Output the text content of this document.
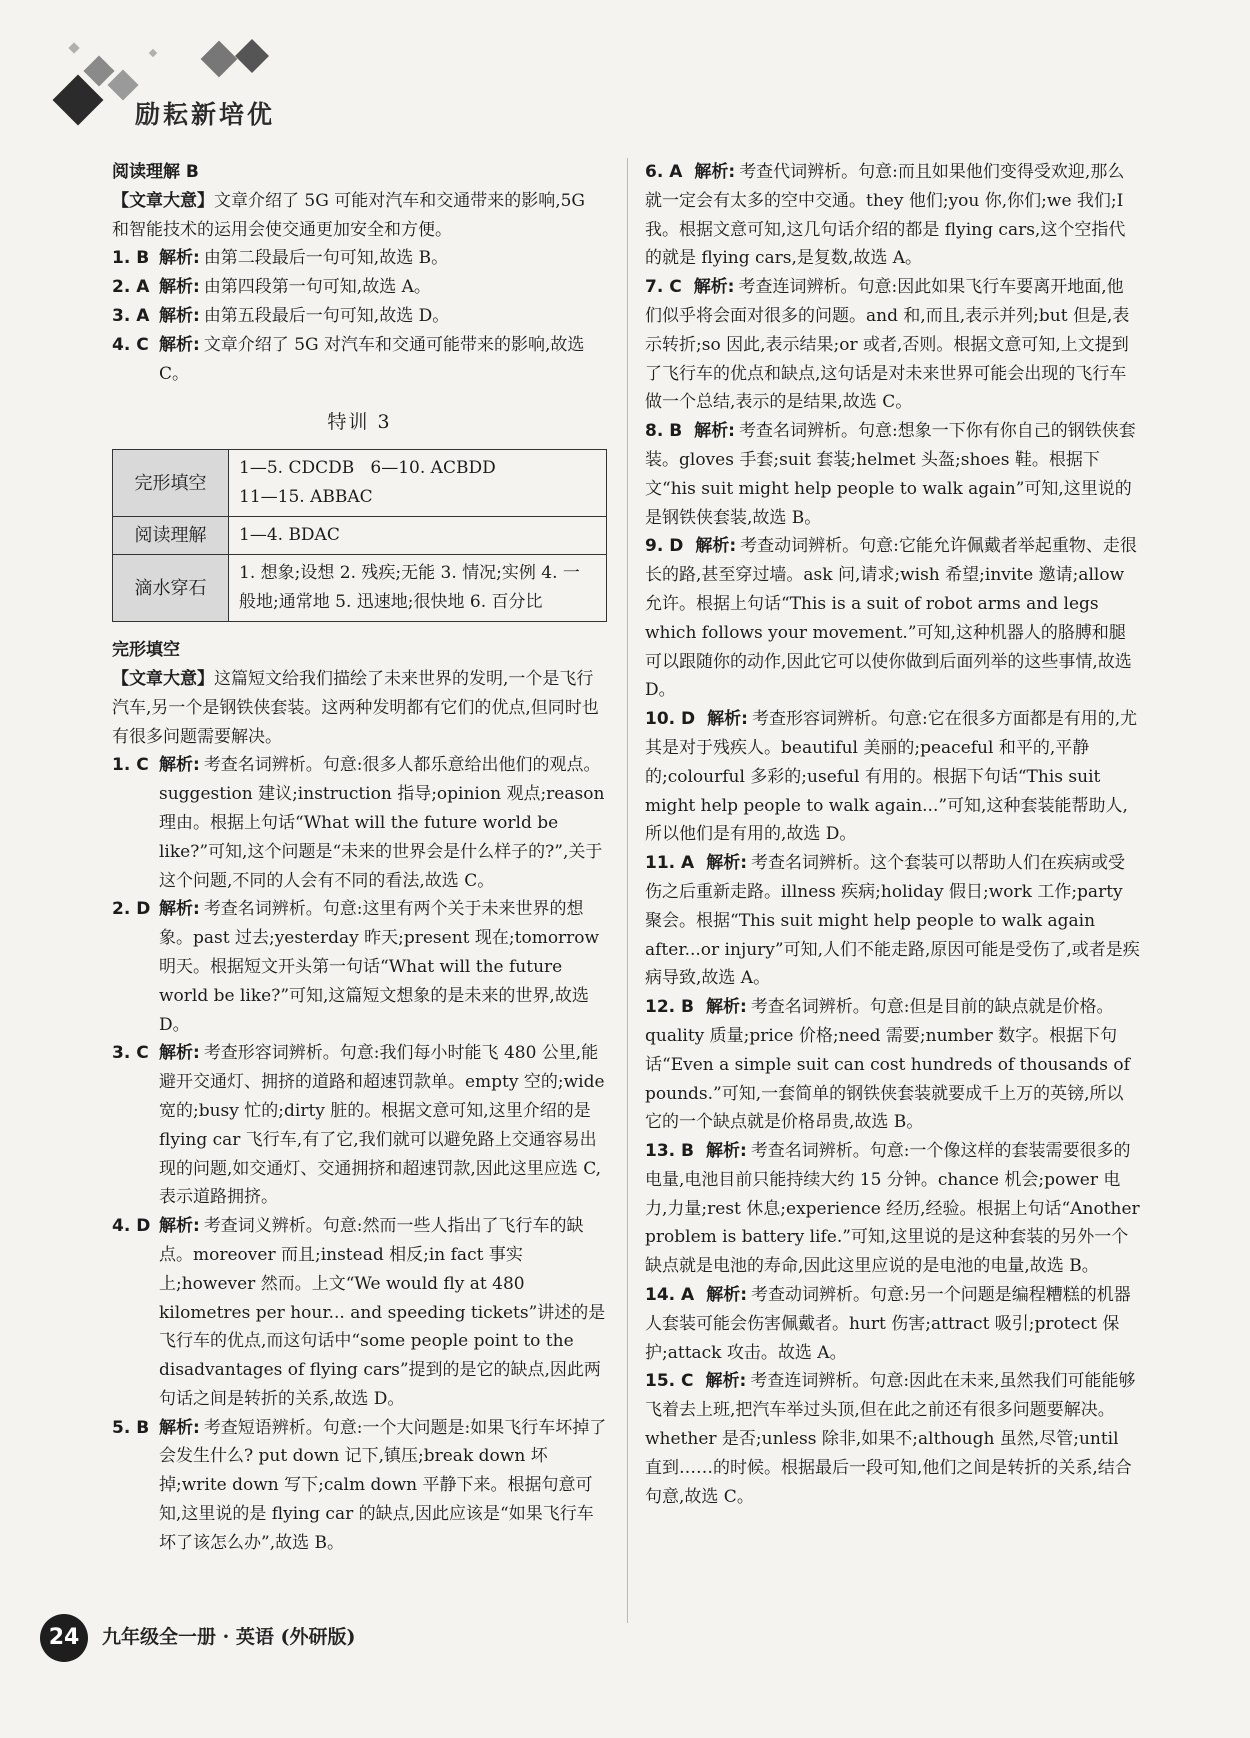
励耘新培优

阅读理解 B

【文章大意】文章介绍了 5G 可能对汽车和交通带来的影响,5G 和智能技术的运用会使交通更加安全和方便。

1. B 解析: 由第二段最后一句可知,故选 B。
2. A 解析: 由第四段第一句可知,故选 A。
3. A 解析: 由第五段最后一句可知,故选 D。
4. C 解析: 文章介绍了 5G 对汽车和交通可能带来的影响,故选 C。

特训 3

完形填空	1—5. CDCDB   6—10. ACBDD
11—15. ABBAC

阅读理解	1—4. BDAC
滴水穿石	1. 想象;设想 2. 残疾;无能 3. 情况;实例 4. 一般地;通常地 5. 迅速地;很快地 6. 百分比

完形填空

【文章大意】这篇短文给我们描绘了未来世界的发明,一个是飞行汽车,另一个是钢铁侠套装。这两种发明都有它们的优点,但同时也有很多问题需要解决。

1. C 解析: 考查名词辨析。句意:很多人都乐意给出他们的观点。suggestion 建议;instruction 指导;opinion 观点;reason 理由。根据上句话“What will the future world be like?”可知,这个问题是“未来的世界会是什么样子的?”,关于这个问题,不同的人会有不同的看法,故选 C。
2. D 解析: 考查名词辨析。句意:这里有两个关于未来世界的想象。past 过去;yesterday 昨天;present 现在;tomorrow 明天。根据短文开头第一句话“What will the future world be like?”可知,这篇短文想象的是未来的世界,故选 D。
3. C 解析: 考查形容词辨析。句意:我们每小时能飞 480 公里,能避开交通灯、拥挤的道路和超速罚款单。empty 空的;wide 宽的;busy 忙的;dirty 脏的。根据文意可知,这里介绍的是 flying car 飞行车,有了它,我们就可以避免路上交通容易出现的问题,如交通灯、交通拥挤和超速罚款,因此这里应选 C,表示道路拥挤。
4. D 解析: 考查词义辨析。句意:然而一些人指出了飞行车的缺点。moreover 而且;instead 相反;in fact 事实上;however 然而。上文“We would fly at 480 kilometres per hour... and speeding tickets”讲述的是飞行车的优点,而这句话中“some people point to the disadvantages of flying cars”提到的是它的缺点,因此两句话之间是转折的关系,故选 D。
5. B 解析: 考查短语辨析。句意:一个大问题是:如果飞行车坏掉了会发生什么? put down 记下,镇压;break down 坏掉;write down 写下;calm down 平静下来。根据句意可知,这里说的是 flying car 的缺点,因此应该是“如果飞行车坏了该怎么办”,故选 B。
6. A 解析: 考查代词辨析。句意:而且如果他们变得受欢迎,那么就一定会有太多的空中交通。they 他们;you 你,你们;we 我们;I 我。根据文意可知,这几句话介绍的都是 flying cars,这个空指代的就是 flying cars,是复数,故选 A。
7. C 解析: 考查连词辨析。句意:因此如果飞行车要离开地面,他们似乎将会面对很多的问题。and 和,而且,表示并列;but 但是,表示转折;so 因此,表示结果;or 或者,否则。根据文意可知,上文提到了飞行车的优点和缺点,这句话是对未来世界可能会出现的飞行车做一个总结,表示的是结果,故选 C。
8. B 解析: 考查名词辨析。句意:想象一下你有你自己的钢铁侠套装。gloves 手套;suit 套装;helmet 头盔;shoes 鞋。根据下文“his suit might help people to walk again”可知,这里说的是钢铁侠套装,故选 B。
9. D 解析: 考查动词辨析。句意:它能允许佩戴者举起重物、走很长的路,甚至穿过墙。ask 问,请求;wish 希望;invite 邀请;allow 允许。根据上句话“This is a suit of robot arms and legs which follows your movement.”可知,这种机器人的胳膊和腿可以跟随你的动作,因此它可以使你做到后面列举的这些事情,故选 D。
10. D 解析: 考查形容词辨析。句意:它在很多方面都是有用的,尤其是对于残疾人。beautiful 美丽的;peaceful 和平的,平静的;colourful 多彩的;useful 有用的。根据下句话“This suit might help people to walk again...”可知,这种套装能帮助人,所以他们是有用的,故选 D。
11. A 解析: 考查名词辨析。这个套装可以帮助人们在疾病或受伤之后重新走路。illness 疾病;holiday 假日;work 工作;party 聚会。根据“This suit might help people to walk again after...or injury”可知,人们不能走路,原因可能是受伤了,或者是疾病导致,故选 A。
12. B 解析: 考查名词辨析。句意:但是目前的缺点就是价格。quality 质量;price 价格;need 需要;number 数字。根据下句话“Even a simple suit can cost hundreds of thousands of pounds.”可知,一套简单的钢铁侠套装就要成千上万的英镑,所以它的一个缺点就是价格昂贵,故选 B。
13. B 解析: 考查名词辨析。句意:一个像这样的套装需要很多的电量,电池目前只能持续大约 15 分钟。chance 机会;power 电力,力量;rest 休息;experience 经历,经验。根据上句话“Another problem is battery life.”可知,这里说的是这种套装的另外一个缺点就是电池的寿命,因此这里应说的是电池的电量,故选 B。
14. A 解析: 考查动词辨析。句意:另一个问题是编程糟糕的机器人套装可能会伤害佩戴者。hurt 伤害;attract 吸引;protect 保护;attack 攻击。故选 A。
15. C 解析: 考查连词辨析。句意:因此在未来,虽然我们可能能够飞着去上班,把汽车举过头顶,但在此之前还有很多问题要解决。whether 是否;unless 除非,如果不;although 虽然,尽管;until 直到……的时候。根据最后一段可知,他们之间是转折的关系,结合句意,故选 C。
24	九年级全一册 · 英语 (外研版)
